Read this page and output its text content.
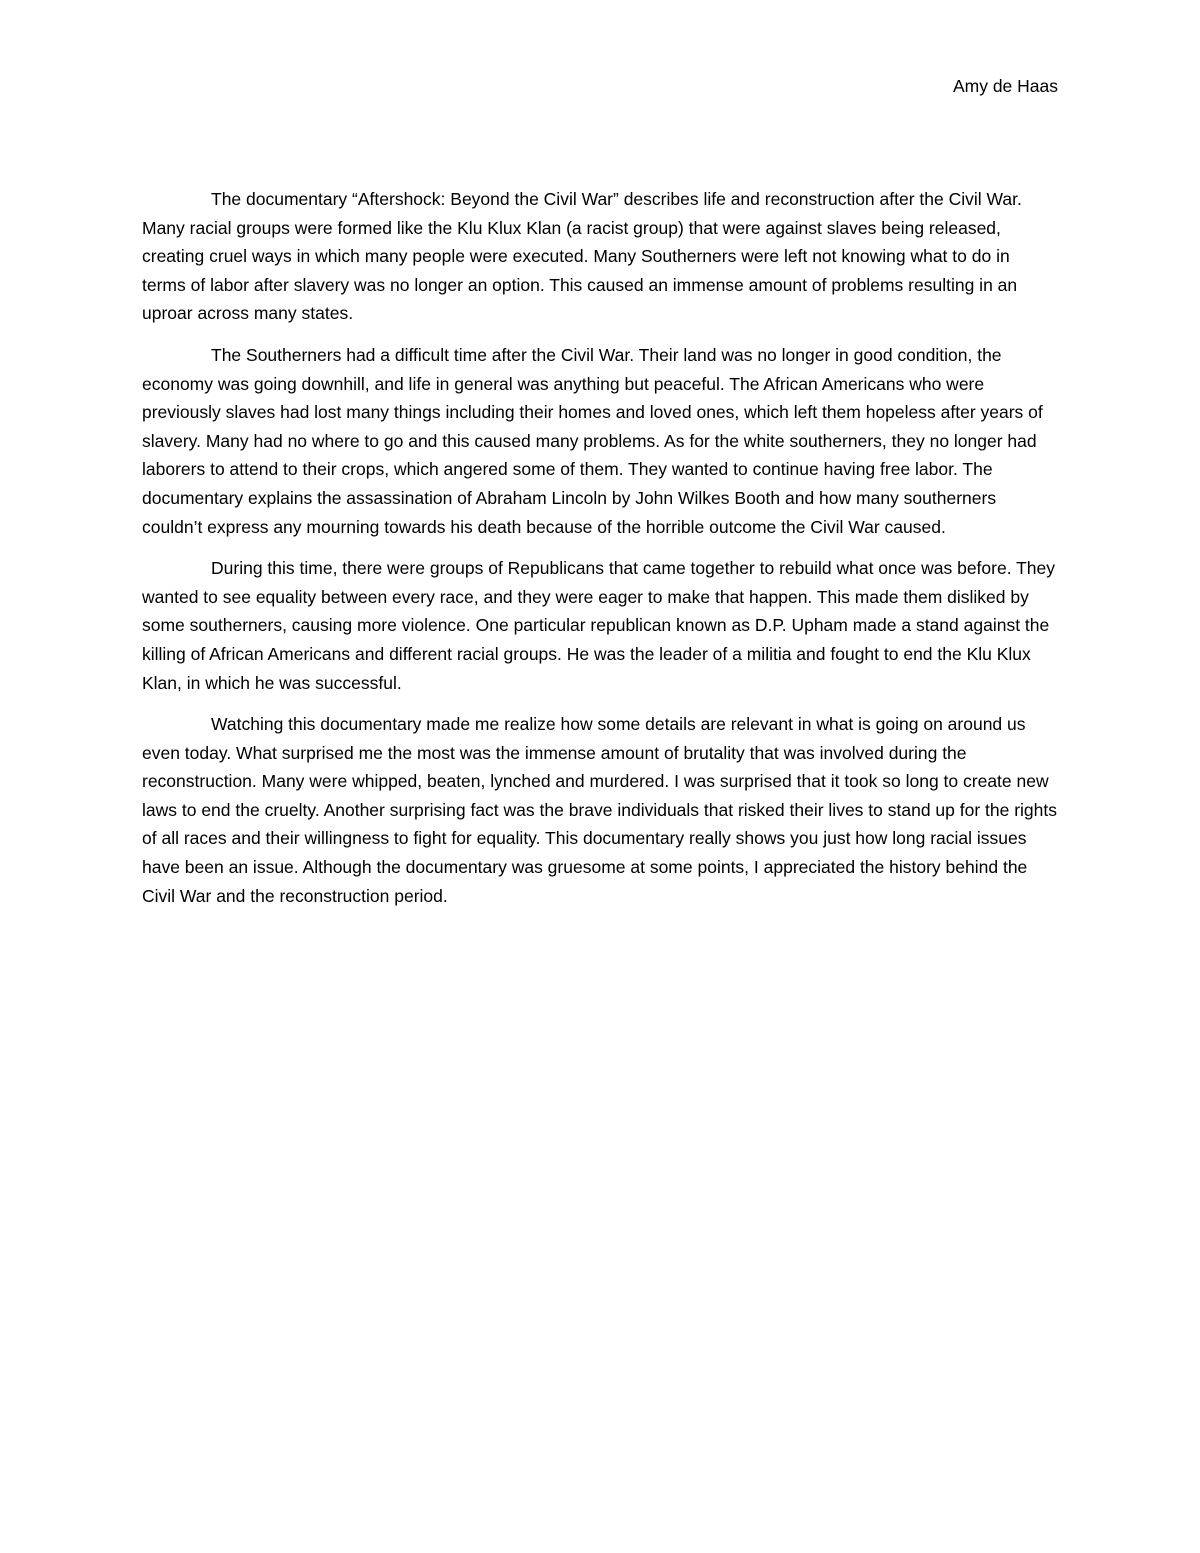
Amy de Haas

The documentary “Aftershock: Beyond the Civil War” describes life and reconstruction after the Civil War. Many racial groups were formed like the Klu Klux Klan (a racist group) that were against slaves being released, creating cruel ways in which many people were executed. Many Southerners were left not knowing what to do in terms of labor after slavery was no longer an option. This caused an immense amount of problems resulting in an uproar across many states.

The Southerners had a difficult time after the Civil War. Their land was no longer in good condition, the economy was going downhill, and life in general was anything but peaceful. The African Americans who were previously slaves had lost many things including their homes and loved ones, which left them hopeless after years of slavery. Many had no where to go and this caused many problems. As for the white southerners, they no longer had laborers to attend to their crops, which angered some of them. They wanted to continue having free labor. The documentary explains the assassination of Abraham Lincoln by John Wilkes Booth and how many southerners couldn’t express any mourning towards his death because of the horrible outcome the Civil War caused.

During this time, there were groups of Republicans that came together to rebuild what once was before. They wanted to see equality between every race, and they were eager to make that happen. This made them disliked by some southerners, causing more violence. One particular republican known as D.P. Upham made a stand against the killing of African Americans and different racial groups. He was the leader of a militia and fought to end the Klu Klux Klan, in which he was successful.

Watching this documentary made me realize how some details are relevant in what is going on around us even today. What surprised me the most was the immense amount of brutality that was involved during the reconstruction. Many were whipped, beaten, lynched and murdered. I was surprised that it took so long to create new laws to end the cruelty. Another surprising fact was the brave individuals that risked their lives to stand up for the rights of all races and their willingness to fight for equality. This documentary really shows you just how long racial issues have been an issue. Although the documentary was gruesome at some points, I appreciated the history behind the Civil War and the reconstruction period.
